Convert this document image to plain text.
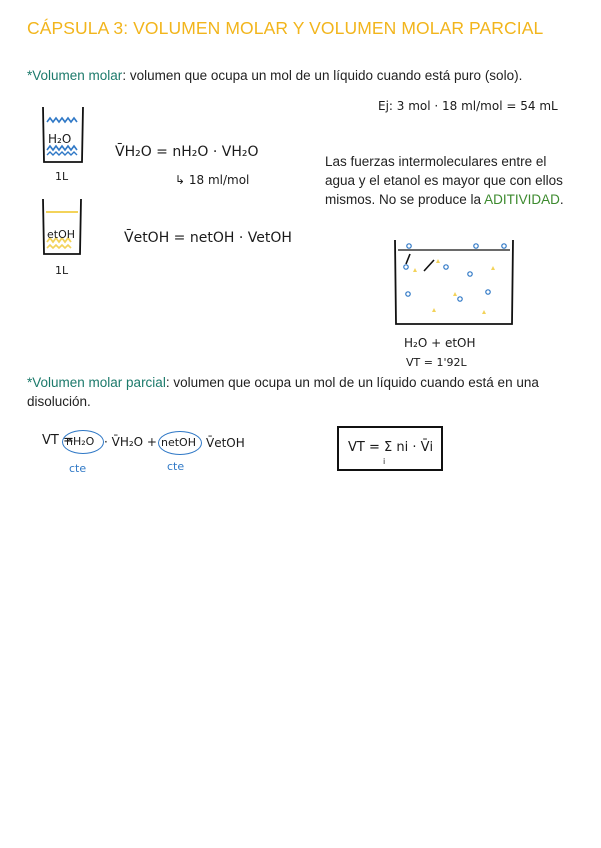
CÁPSULA 3: VOLUMEN MOLAR Y VOLUMEN MOLAR PARCIAL
*Volumen molar: volumen que ocupa un mol de un líquido cuando está puro (solo).
H₂O
1L
etOH
1L
V̄H₂O = nH₂O · VH₂O
↳ 18 ml/mol
V̄etOH = netOH · VetOH
Ej: 3 mol · 18 ml/mol = 54 mL
Las fuerzas intermoleculares entre el agua y el etanol es mayor que con ellos mismos. No se produce la ADITIVIDAD.
H₂O + etOH
VT = 1'92L
*Volumen molar parcial: volumen que ocupa un mol de un líquido cuando está en una disolución.
VT =
nH₂O · V̄H₂O + netOH V̄etOH
cte	cte
VT = Σ ni · V̄i
i
